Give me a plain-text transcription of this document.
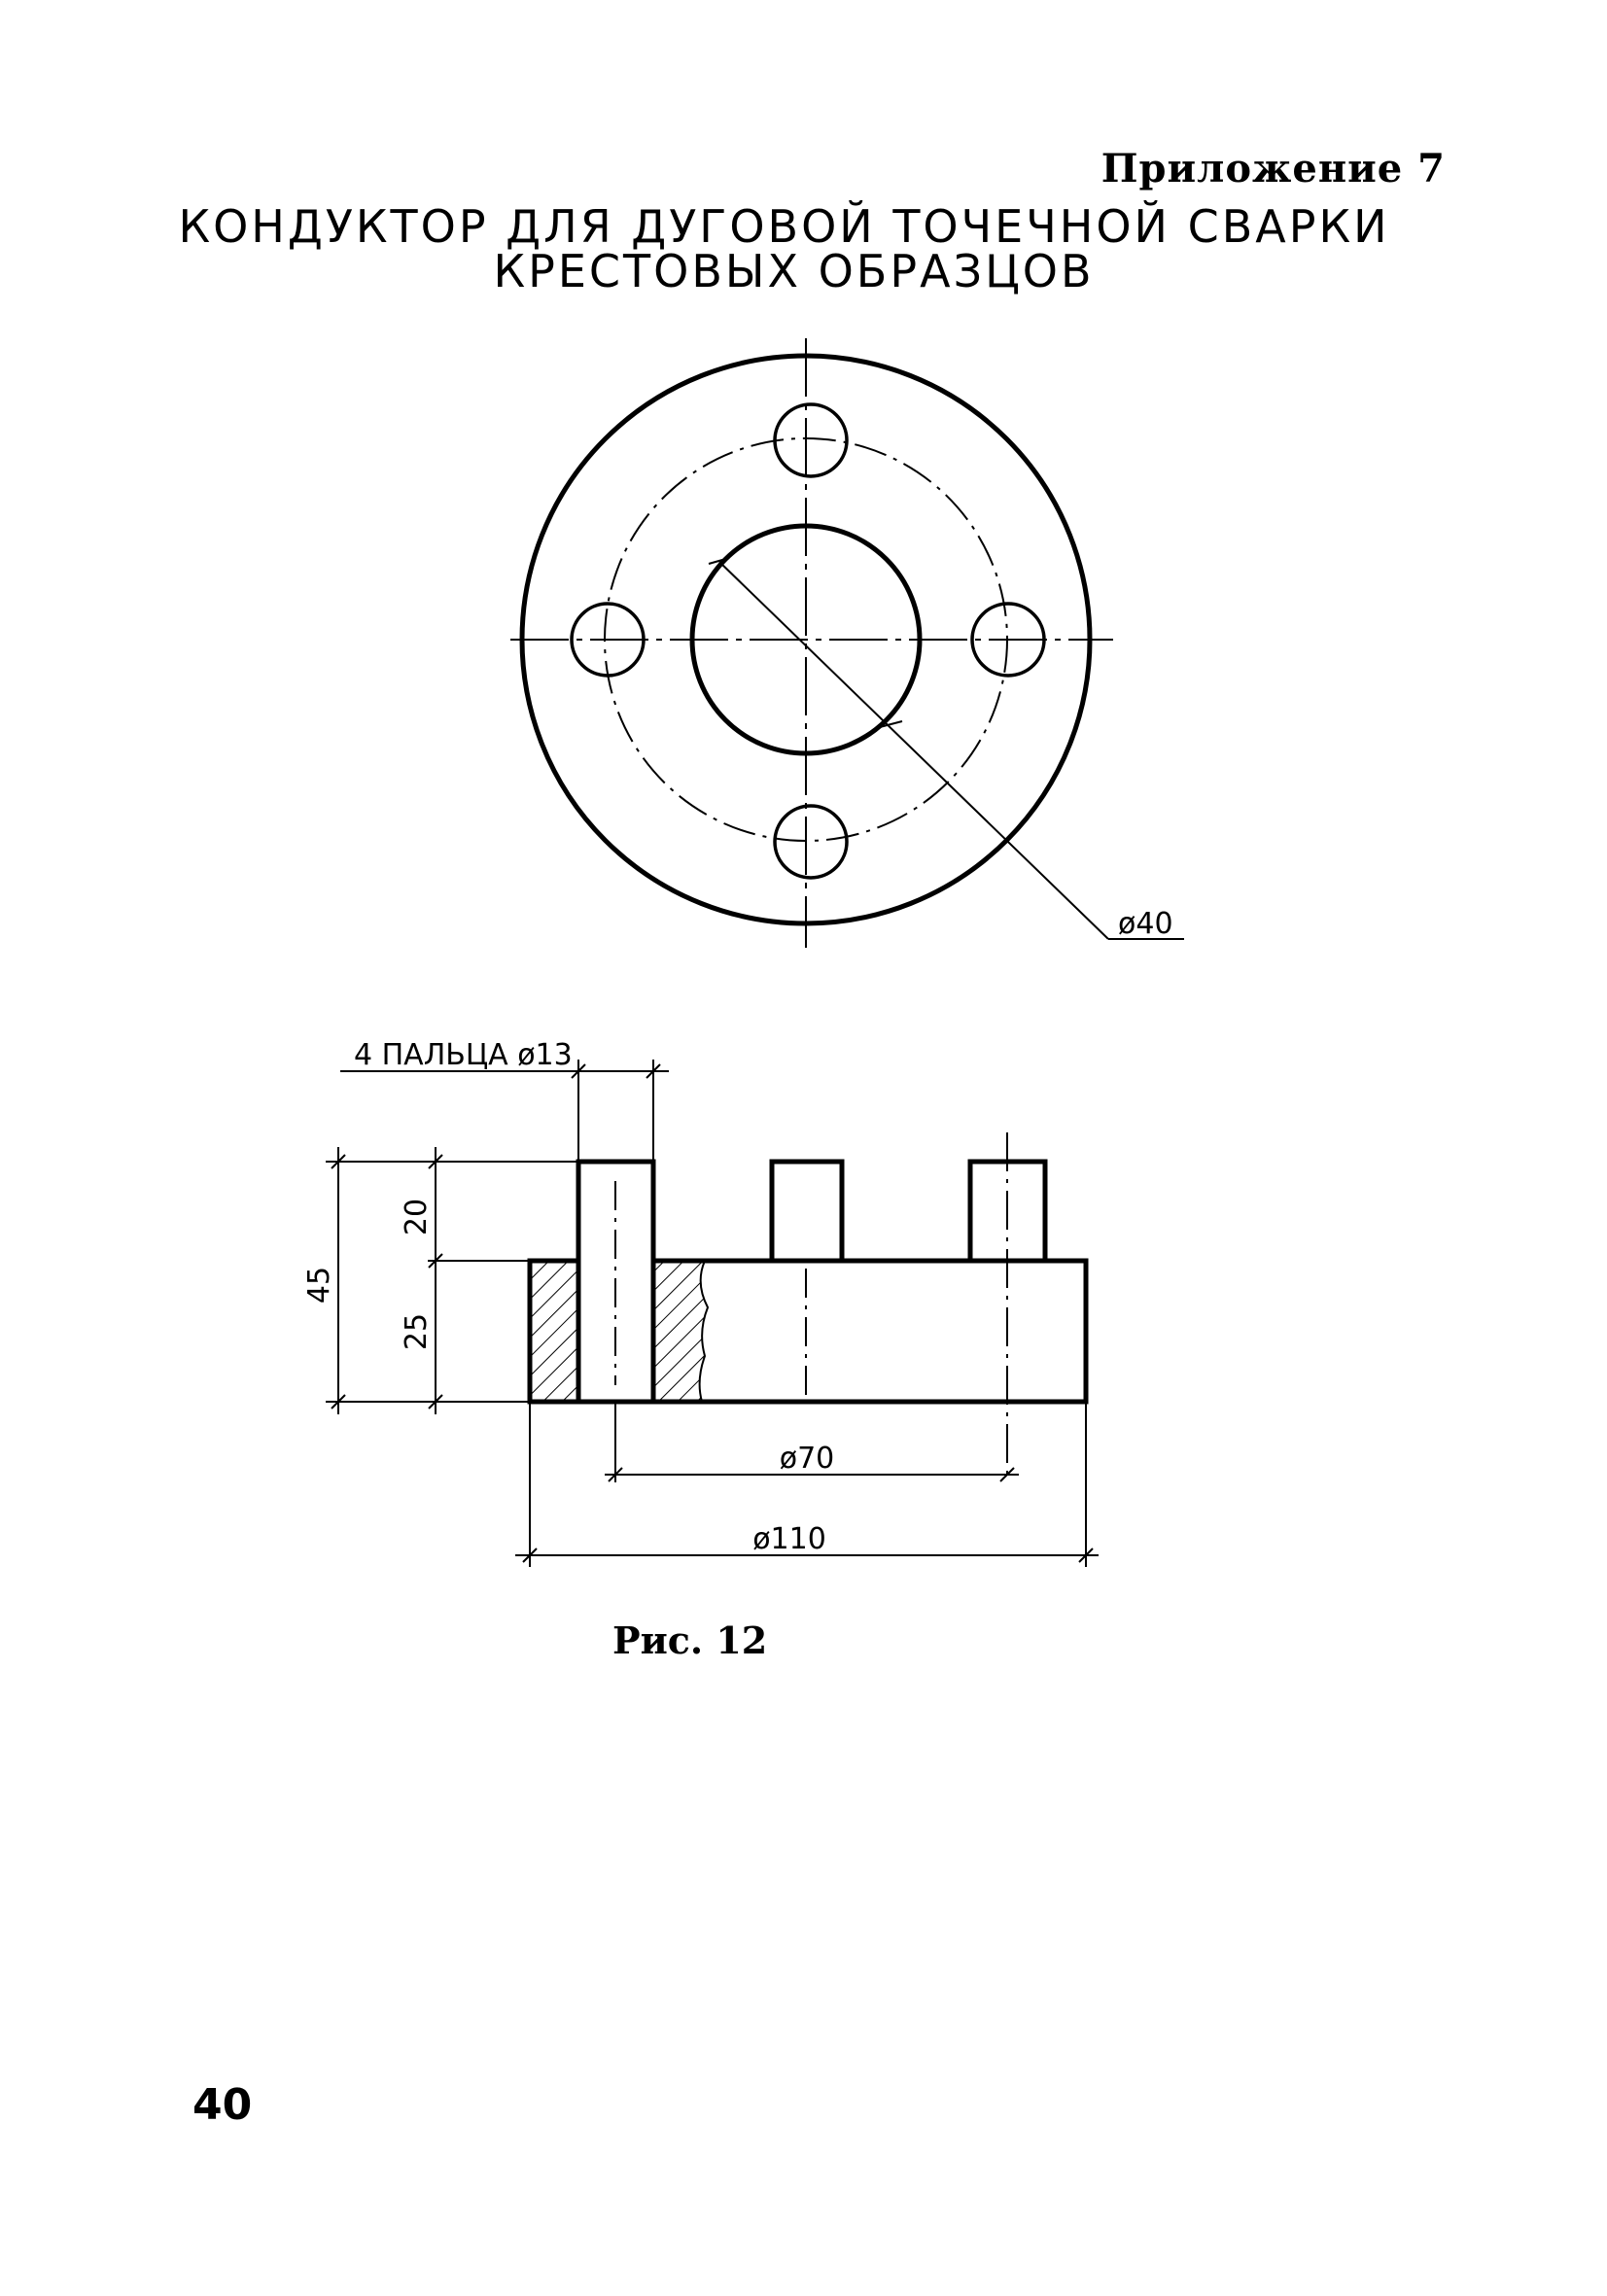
Приложение 7
КОНДУКТОР ДЛЯ ДУГОВОЙ ТОЧЕЧНОЙ СВАРКИ
КРЕСТОВЫХ ОБРАЗЦОВ
ø40
4 ПАЛЬЦА ø13
20
25
45
ø70
ø110
Рис. 12
40
